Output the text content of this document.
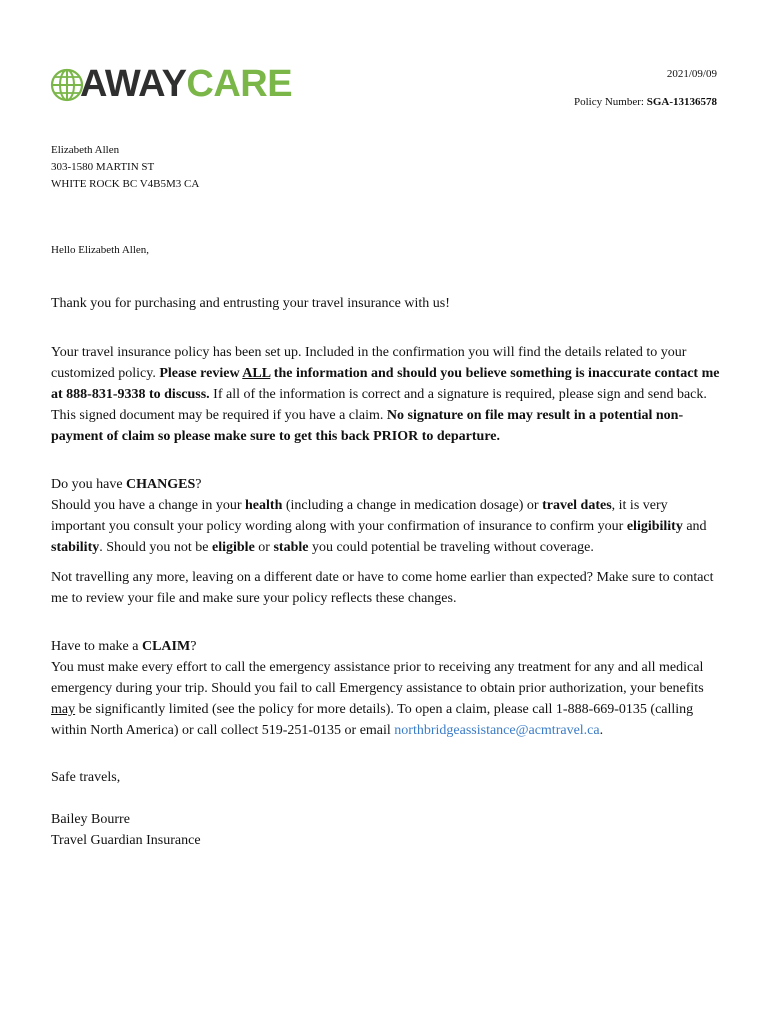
AWAY CARE	2021/09/09
Policy Number: SGA-13136578
Elizabeth Allen
303-1580 MARTIN ST
WHITE ROCK BC V4B5M3 CA

Hello Elizabeth Allen,

Thank you for purchasing and entrusting your travel insurance with us!

Your travel insurance policy has been set up. Included in the confirmation you will find the details related to your customized policy. Please review ALL the information and should you believe something is inaccurate contact me at 888-831-9338 to discuss. If all of the information is correct and a signature is required, please sign and send back. This signed document may be required if you have a claim. No signature on file may result in a potential non-payment of claim so please make sure to get this back PRIOR to departure.

Do you have CHANGES?

Should you have a change in your health (including a change in medication dosage) or travel dates, it is very important you consult your policy wording along with your confirmation of insurance to confirm your eligibility and stability. Should you not be eligible or stable you could potential be traveling without coverage.

Not travelling any more, leaving on a different date or have to come home earlier than expected? Make sure to contact me to review your file and make sure your policy reflects these changes.

Have to make a CLAIM?

You must make every effort to call the emergency assistance prior to receiving any treatment for any and all medical emergency during your trip. Should you fail to call Emergency assistance to obtain prior authorization, your benefits may be significantly limited (see the policy for more details). To open a claim, please call 1-888-669-0135 (calling within North America) or call collect 519-251-0135 or email northbridgeassistance@acmtravel.ca.

Safe travels,

Bailey Bourre

Travel Guardian Insurance
